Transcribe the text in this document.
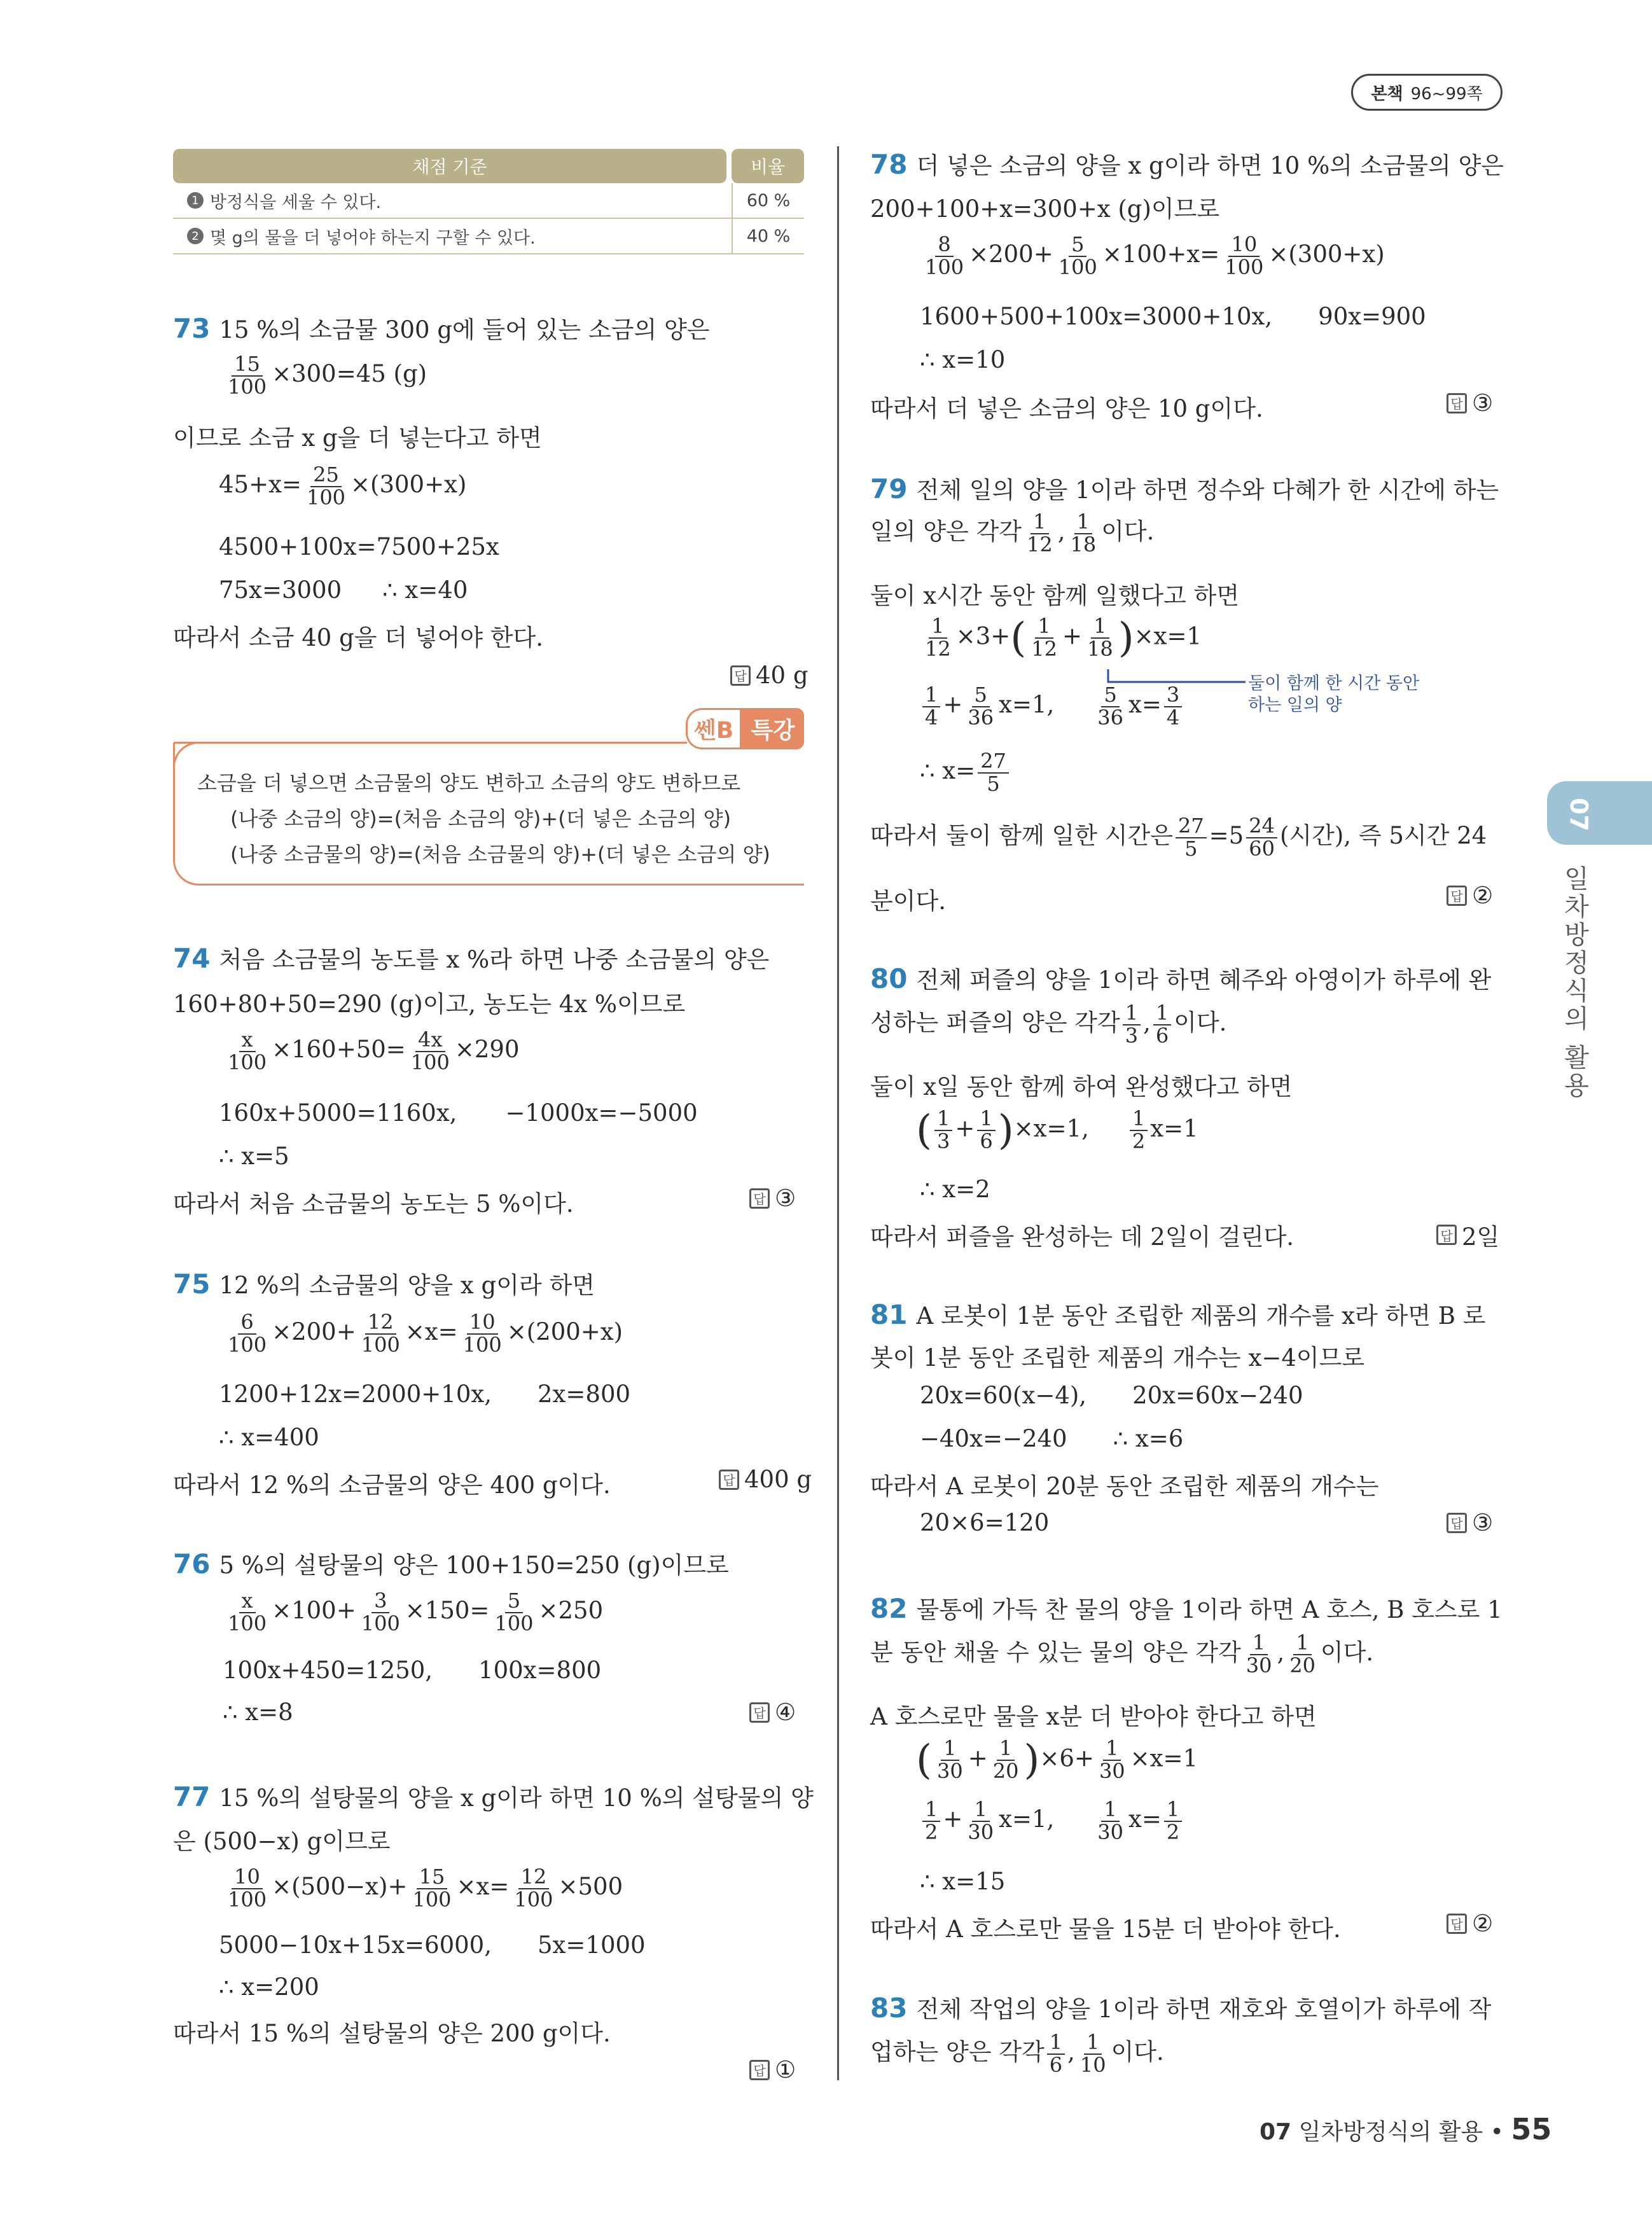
본책 96~99쪽
07
일차방정식의 활용
채점 기준	비율
1 방정식을 세울 수 있다.	60 %
2 몇 g의 물을 더 넣어야 하는지 구할 수 있다.	40 %
73 15 %의 소금물 300 g에 들어 있는 소금의 양은
$\frac{15}{100} \times 300=45$ (g)
이므로 소금 x g을 더 넣는다고 하면
$45+x= \frac{25}{100} \times(300+x)$
4500+100x=7500+25x
75x=3000 ∴ x=40
따라서 소금 40 g을 더 넣어야 한다.
답 40 g
쎈B 특강
소금을 더 넣으면 소금물의 양도 변하고 소금의 양도 변하므로
(나중 소금의 양)=(처음 소금의 양)+(더 넣은 소금의 양)
(나중 소금물의 양)=(처음 소금물의 양)+(더 넣은 소금의 양)
74 처음 소금물의 농도를 x %라 하면 나중 소금물의 양은
160+80+50=290 (g)이고, 농도는 4x %이므로
$\frac{x}{100} \times 160+50= \frac{4x}{100} \times 290$
160x+5000=1160x, −1000x=−5000
∴ x=5
따라서 처음 소금물의 농도는 5 %이다.	답 ③
75 12 %의 소금물의 양을 x g이라 하면
$\frac{6}{100} \times 200+ \frac{12}{100} \times x= \frac{10}{100} \times(200+x)$
1200+12x=2000+10x, 2x=800
∴ x=400
따라서 12 %의 소금물의 양은 400 g이다.	답 400 g
76 5 %의 설탕물의 양은 100+150=250 (g)이므로
$\frac{x}{100} \times 100+ \frac{3}{100} \times 150= \frac{5}{100} \times 250$
100x+450=1250, 100x=800
∴ x=8	답 ④
77 15 %의 설탕물의 양을 x g이라 하면 10 %의 설탕물의 양
은 (500−x) g이므로
$\frac{10}{100} \times(500-x)+ \frac{15}{100} \times x= \frac{12}{100} \times 500$
5000−10x+15x=6000, 5x=1000
∴ x=200
따라서 15 %의 설탕물의 양은 200 g이다.
답 ①
78 더 넣은 소금의 양을 x g이라 하면 10 %의 소금물의 양은
200+100+x=300+x (g)이므로
$\frac{8}{100} \times 200+ \frac{5}{100} \times 100+x= \frac{10}{100} \times(300+x)$
1600+500+100x=3000+10x, 90x=900
∴ x=10
따라서 더 넣은 소금의 양은 10 g이다.	답 ③
79 전체 일의 양을 1이라 하면 정수와 다혜가 한 시간에 하는
일의 양은 각각 $\frac{1}{12}$ , $\frac{1}{18}$ 이다.
둘이 x시간 동안 함께 일했다고 하면
$\frac{1}{12} \times 3+( \frac{1}{12} + \frac{1}{18} )\times x=1$
둘이 함께 한 시간 동안
하는 일의 양
$\frac{1}{4} + \frac{5}{36} x=1$, $\frac{5}{36} x= \frac{3}{4}$
∴ $x= \frac{27}{5}$
따라서 둘이 함께 일한 시간은 $\frac{27}{5} =5 \frac{24}{60}$ (시간), 즉 5시간 24
분이다.	답 ②
80 전체 퍼즐의 양을 1이라 하면 혜주와 아영이가 하루에 완
성하는 퍼즐의 양은 각각 $\frac{1}{3}$ , $\frac{1}{6}$ 이다.
둘이 x일 동안 함께 하여 완성했다고 하면
( $\frac{1}{3} + \frac{1}{6} )\times x=1$, $\frac{1}{2} x=1$
∴ x=2
따라서 퍼즐을 완성하는 데 2일이 걸린다.	답 2일
81 A 로봇이 1분 동안 조립한 제품의 개수를 x라 하면 B 로
봇이 1분 동안 조립한 제품의 개수는 x−4이므로
20x=60(x−4), 20x=60x−240
−40x=−240 ∴ x=6
따라서 A 로봇이 20분 동안 조립한 제품의 개수는
20×6=120	답 ③
82 물통에 가득 찬 물의 양을 1이라 하면 A 호스, B 호스로 1
분 동안 채울 수 있는 물의 양은 각각 $\frac{1}{30}$ , $\frac{1}{20}$ 이다.
A 호스로만 물을 x분 더 받아야 한다고 하면
( $\frac{1}{30} + \frac{1}{20} )\times 6+ \frac{1}{30} \times x=1$
$\frac{1}{2} + \frac{1}{30} x=1$, $\frac{1}{30} x= \frac{1}{2}$
∴ x=15
따라서 A 호스로만 물을 15분 더 받아야 한다.	답 ②
83 전체 작업의 양을 1이라 하면 재호와 호열이가 하루에 작
업하는 양은 각각 $\frac{1}{6}$ , $\frac{1}{10}$ 이다.
07 일차방정식의 활용 • 55
